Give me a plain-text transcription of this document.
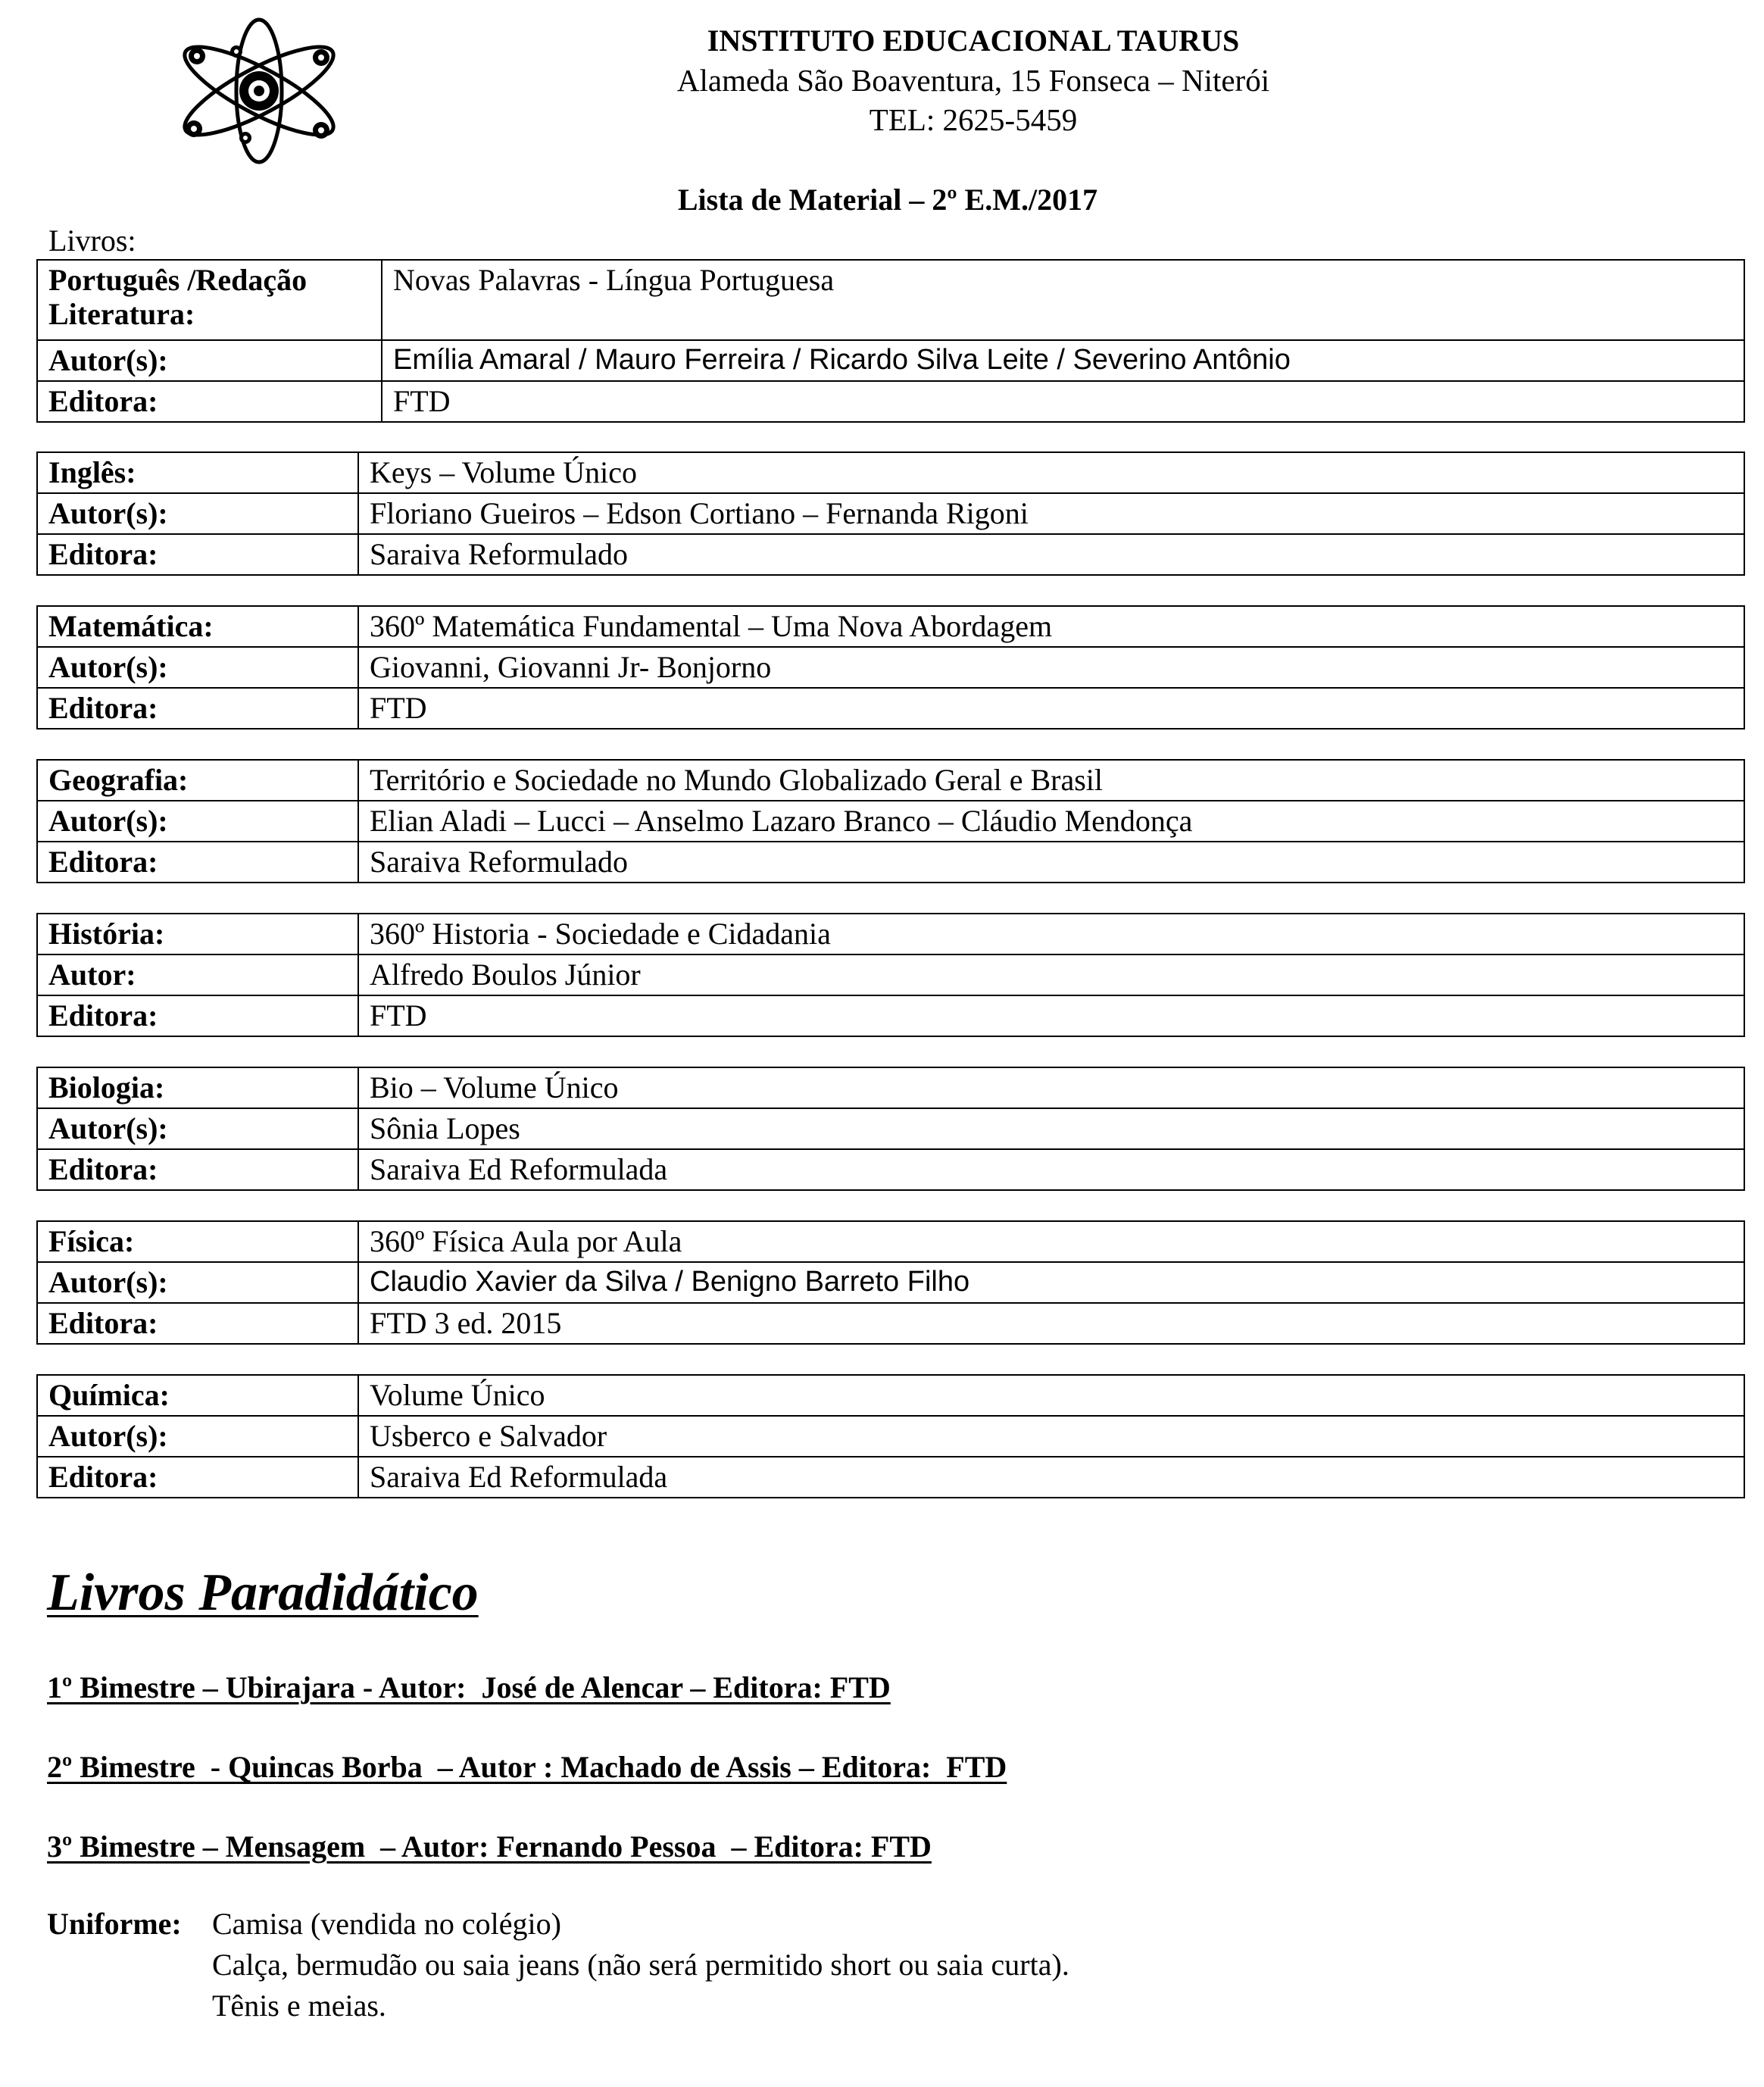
INSTITUTO EDUCACIONAL TAURUS
Alameda São Boaventura, 15 Fonseca – Niterói
TEL: 2625-5459
Lista de Material – 2º E.M./2017
Livros:
Português /Redação
Literatura:	Novas Palavras - Língua Portuguesa
Autor(s):	Emília Amaral / Mauro Ferreira / Ricardo Silva Leite / Severino Antônio
Editora:	FTD
Inglês:	Keys – Volume Único
Autor(s):	Floriano Gueiros – Edson Cortiano – Fernanda Rigoni
Editora:	Saraiva Reformulado
Matemática:	360º Matemática Fundamental – Uma Nova Abordagem
Autor(s):	Giovanni, Giovanni Jr- Bonjorno
Editora:	FTD
Geografia:	Território e Sociedade no Mundo Globalizado Geral e Brasil
Autor(s):	Elian Aladi – Lucci – Anselmo Lazaro Branco – Cláudio Mendonça
Editora:	Saraiva Reformulado
História:	360º Historia - Sociedade e Cidadania
Autor:	Alfredo Boulos Júnior
Editora:	FTD
Biologia:	Bio – Volume Único
Autor(s):	Sônia Lopes
Editora:	Saraiva Ed Reformulada
Física:	360º Física Aula por Aula
Autor(s):	Claudio Xavier da Silva / Benigno Barreto Filho
Editora:	FTD 3 ed. 2015
Química:	Volume Único
Autor(s):	Usberco e Salvador
Editora:	Saraiva Ed Reformulada
Livros Paradidático
1º Bimestre – Ubirajara - Autor:  José de Alencar – Editora: FTD
2º Bimestre  - Quincas Borba  – Autor : Machado de Assis – Editora:  FTD
3º Bimestre – Mensagem  – Autor: Fernando Pessoa  – Editora: FTD
Uniforme: Camisa (vendida no colégio)
Calça, bermudão ou saia jeans (não será permitido short ou saia curta).
Tênis e meias.
